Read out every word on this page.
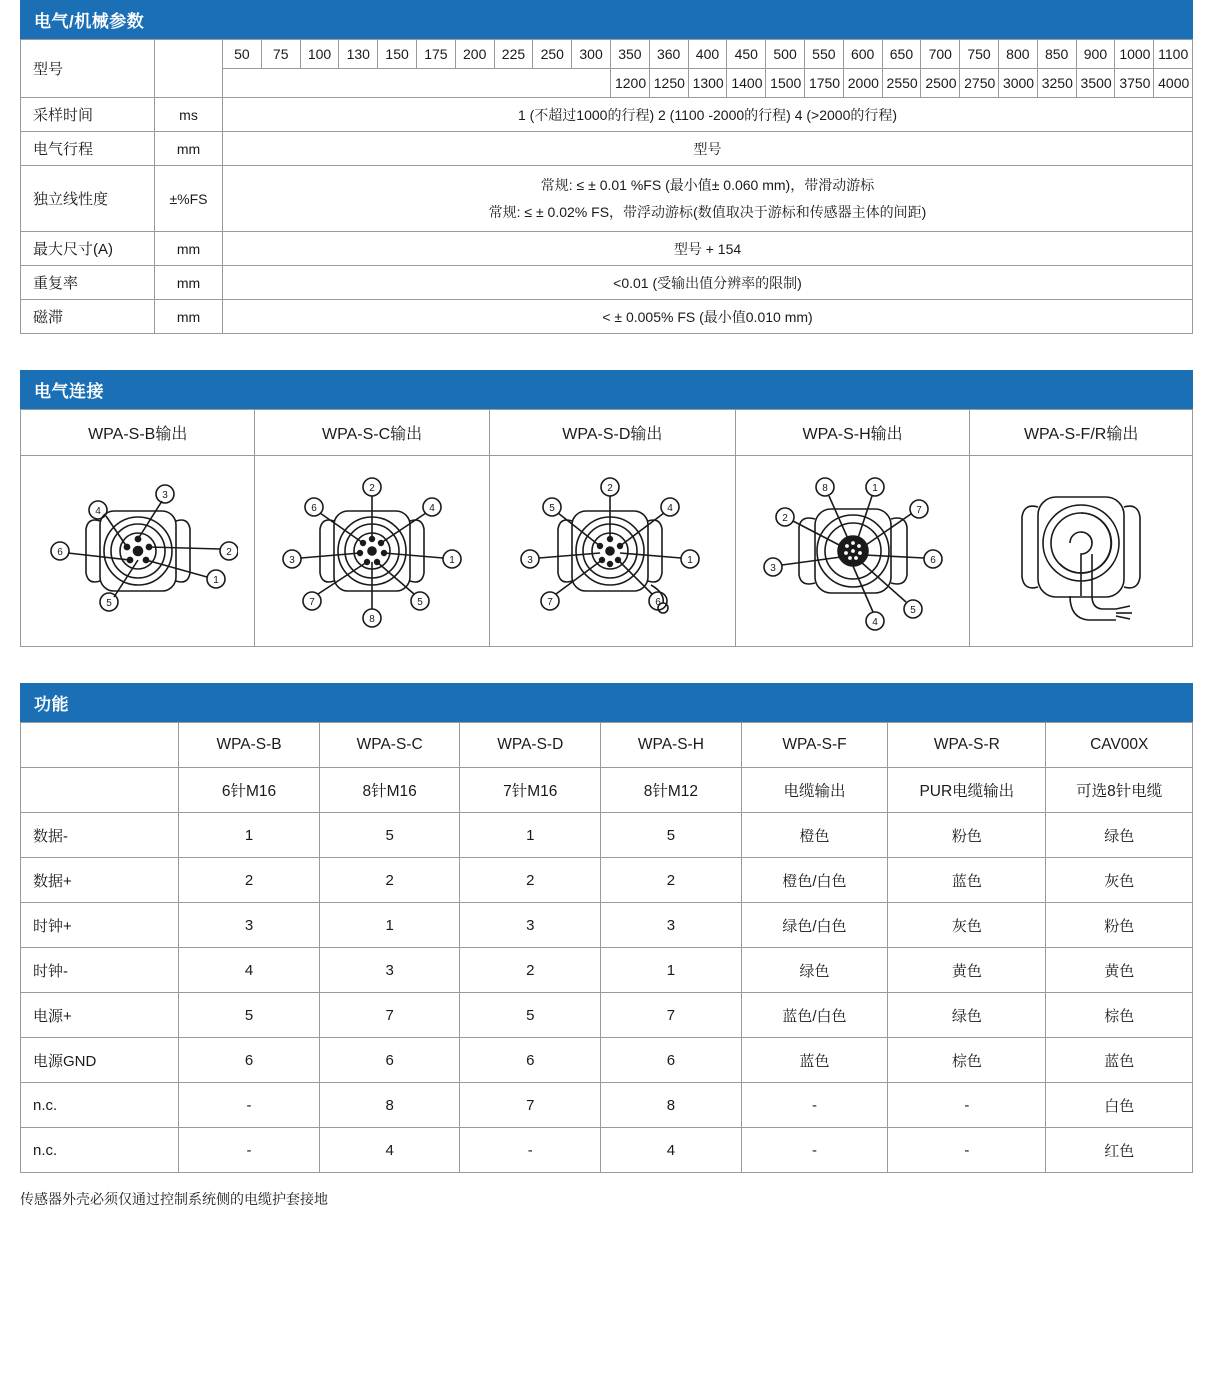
电气/机械参数
型号		50	75	100	130	150	175	200	225	250	300	350	360	400	450	500	550	600	650	700	750	800	850	900	1000	1100
												1200	1250	1300	1400	1500	1750	2000	2550	2500	2750	3000	3250	3500	3750	4000
采样时间	ms	1 (不超过1000的行程) 2 (1100 -2000的行程) 4 (>2000的行程)																								
电气行程	mm	型号																								
独立线性度	±%FS	常规: ≤ ± 0.01 %FS (最小值± 0.060 mm)，带滑动游标
常规: ≤ ± 0.02% FS，带浮动游标(数值取决于游标和传感器主体的间距)																								

最大尺寸(A)	mm	型号 + 154																								
重复率	mm	<0.01 (受输出值分辨率的限制)																								
磁滞	mm	< ± 0.005% FS (最小值0.010 mm)																								
电气连接
WPA-S-B输出	WPA-S-C输出	WPA-S-D输出	WPA-S-H输出	WPA-S-F/R输出

3
2
4
6
5
1

2
4
1
5
8
7
3
6

2
4
1
6
5
3
7

1
7
6
5
8
2
3
4

功能
	WPA-S-B	WPA-S-C	WPA-S-D	WPA-S-H	WPA-S-F	WPA-S-R	CAV00X
	6针M16	8针M16	7针M16	8针M12	电缆输出	PUR电缆输出	可选8针电缆
数据-	1	5	1	5	橙色	粉色	绿色
数据+	2	2	2	2	橙色/白色	蓝色	灰色
时钟+	3	1	3	3	绿色/白色	灰色	粉色
时钟-	4	3	2	1	绿色	黄色	黄色
电源+	5	7	5	7	蓝色/白色	绿色	棕色
电源GND	6	6	6	6	蓝色	棕色	蓝色
n.c.	-	8	7	8	-	-	白色
n.c.	-	4	-	4	-	-	红色
传感器外壳必须仅通过控制系统侧的电缆护套接地
